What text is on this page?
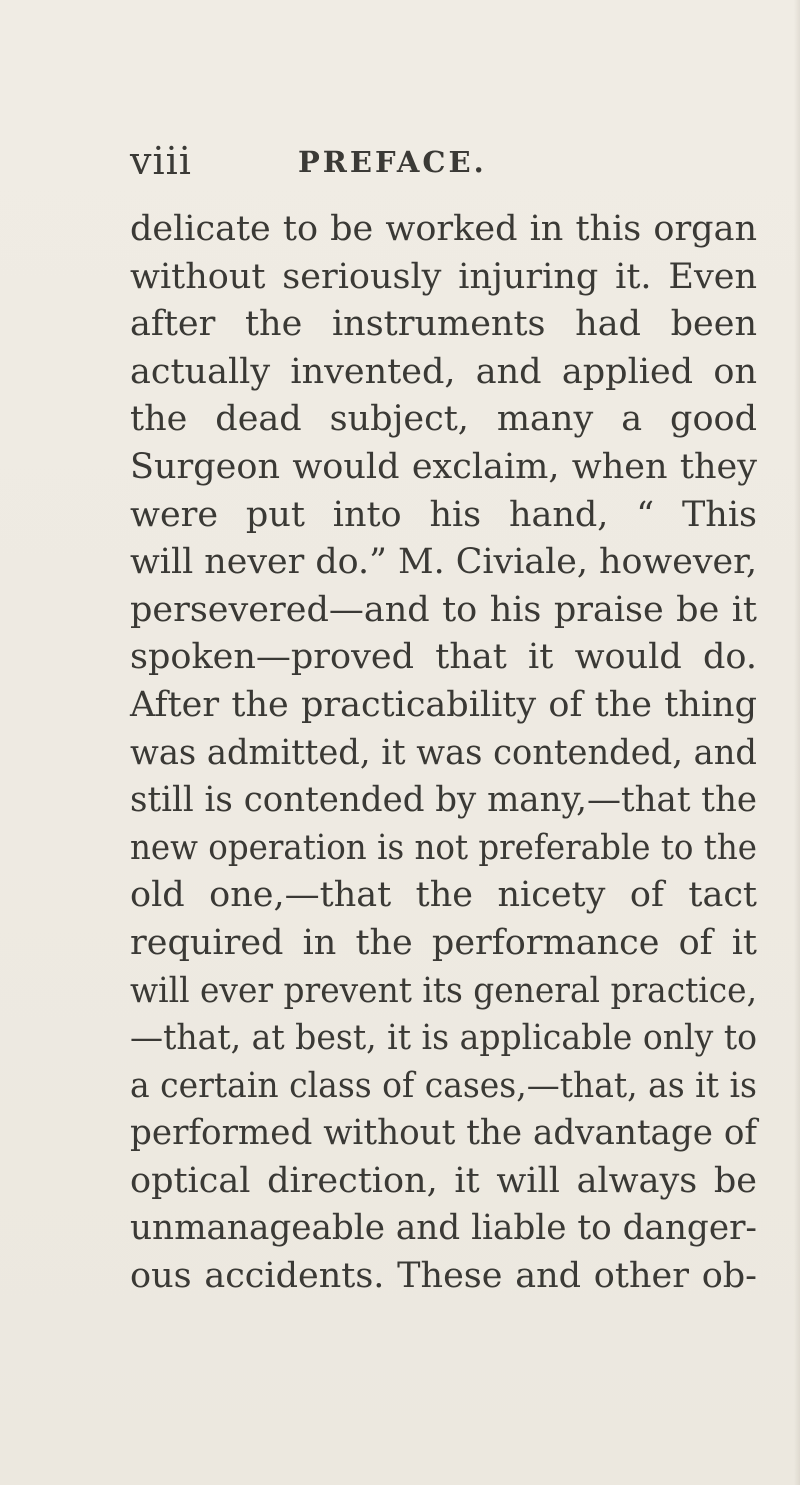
viii	PREFACE.
delicate to be worked in this organ
without seriously injuring it. Even
after the instruments had been
actually invented, and applied on
the dead subject, many a good
Surgeon would exclaim, when they
were put into his hand, “ This
will never do.” M. Civiale, however,
persevered—and to his praise be it
spoken—proved that it would do.
After the practicability of the thing
was admitted, it was contended, and
still is contended by many,—that the
new operation is not preferable to the
old one,—that the nicety of tact
required in the performance of it
will ever prevent its general practice,
—that, at best, it is applicable only to
a certain class of cases,—that, as it is
performed without the advantage of
optical direction, it will always be
unmanageable and liable to danger-
ous accidents. These and other ob-
